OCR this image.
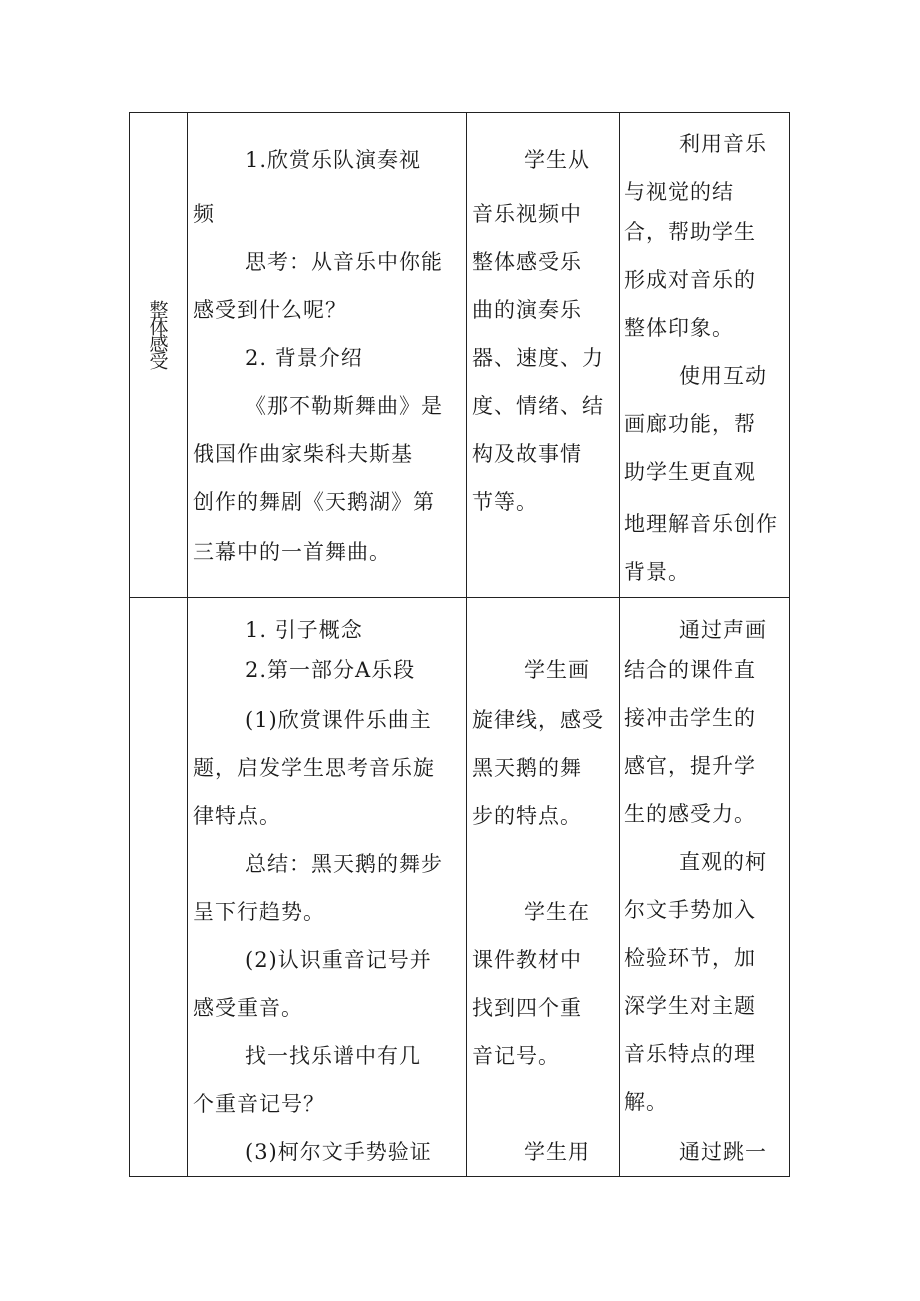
整体感受
1.欣赏乐队演奏视
频
思考：从音乐中你能
感受到什么呢？
2. 背景介绍
《那不勒斯舞曲》是
俄国作曲家柴科夫斯基
创作的舞剧《天鹅湖》第
三幕中的一首舞曲。
学生从
音乐视频中
整体感受乐
曲的演奏乐
器、速度、力
度、情绪、结
构及故事情
节等。
利用音乐
与视觉的结
合，帮助学生
形成对音乐的
整体印象。
使用互动
画廊功能，帮
助学生更直观
地理解音乐创作
背景。
1. 引子概念
2.第一部分A乐段
(1)欣赏课件乐曲主
题，启发学生思考音乐旋
律特点。
总结：黑天鹅的舞步
呈下行趋势。
(2)认识重音记号并
感受重音。
找一找乐谱中有几
个重音记号？
(3)柯尔文手势验证
学生画
旋律线，感受
黑天鹅的舞
步的特点。
学生在
课件教材中
找到四个重
音记号。
学生用
通过声画
结合的课件直
接冲击学生的
感官，提升学
生的感受力。
直观的柯
尔文手势加入
检验环节，加
深学生对主题
音乐特点的理
解。
通过跳一
